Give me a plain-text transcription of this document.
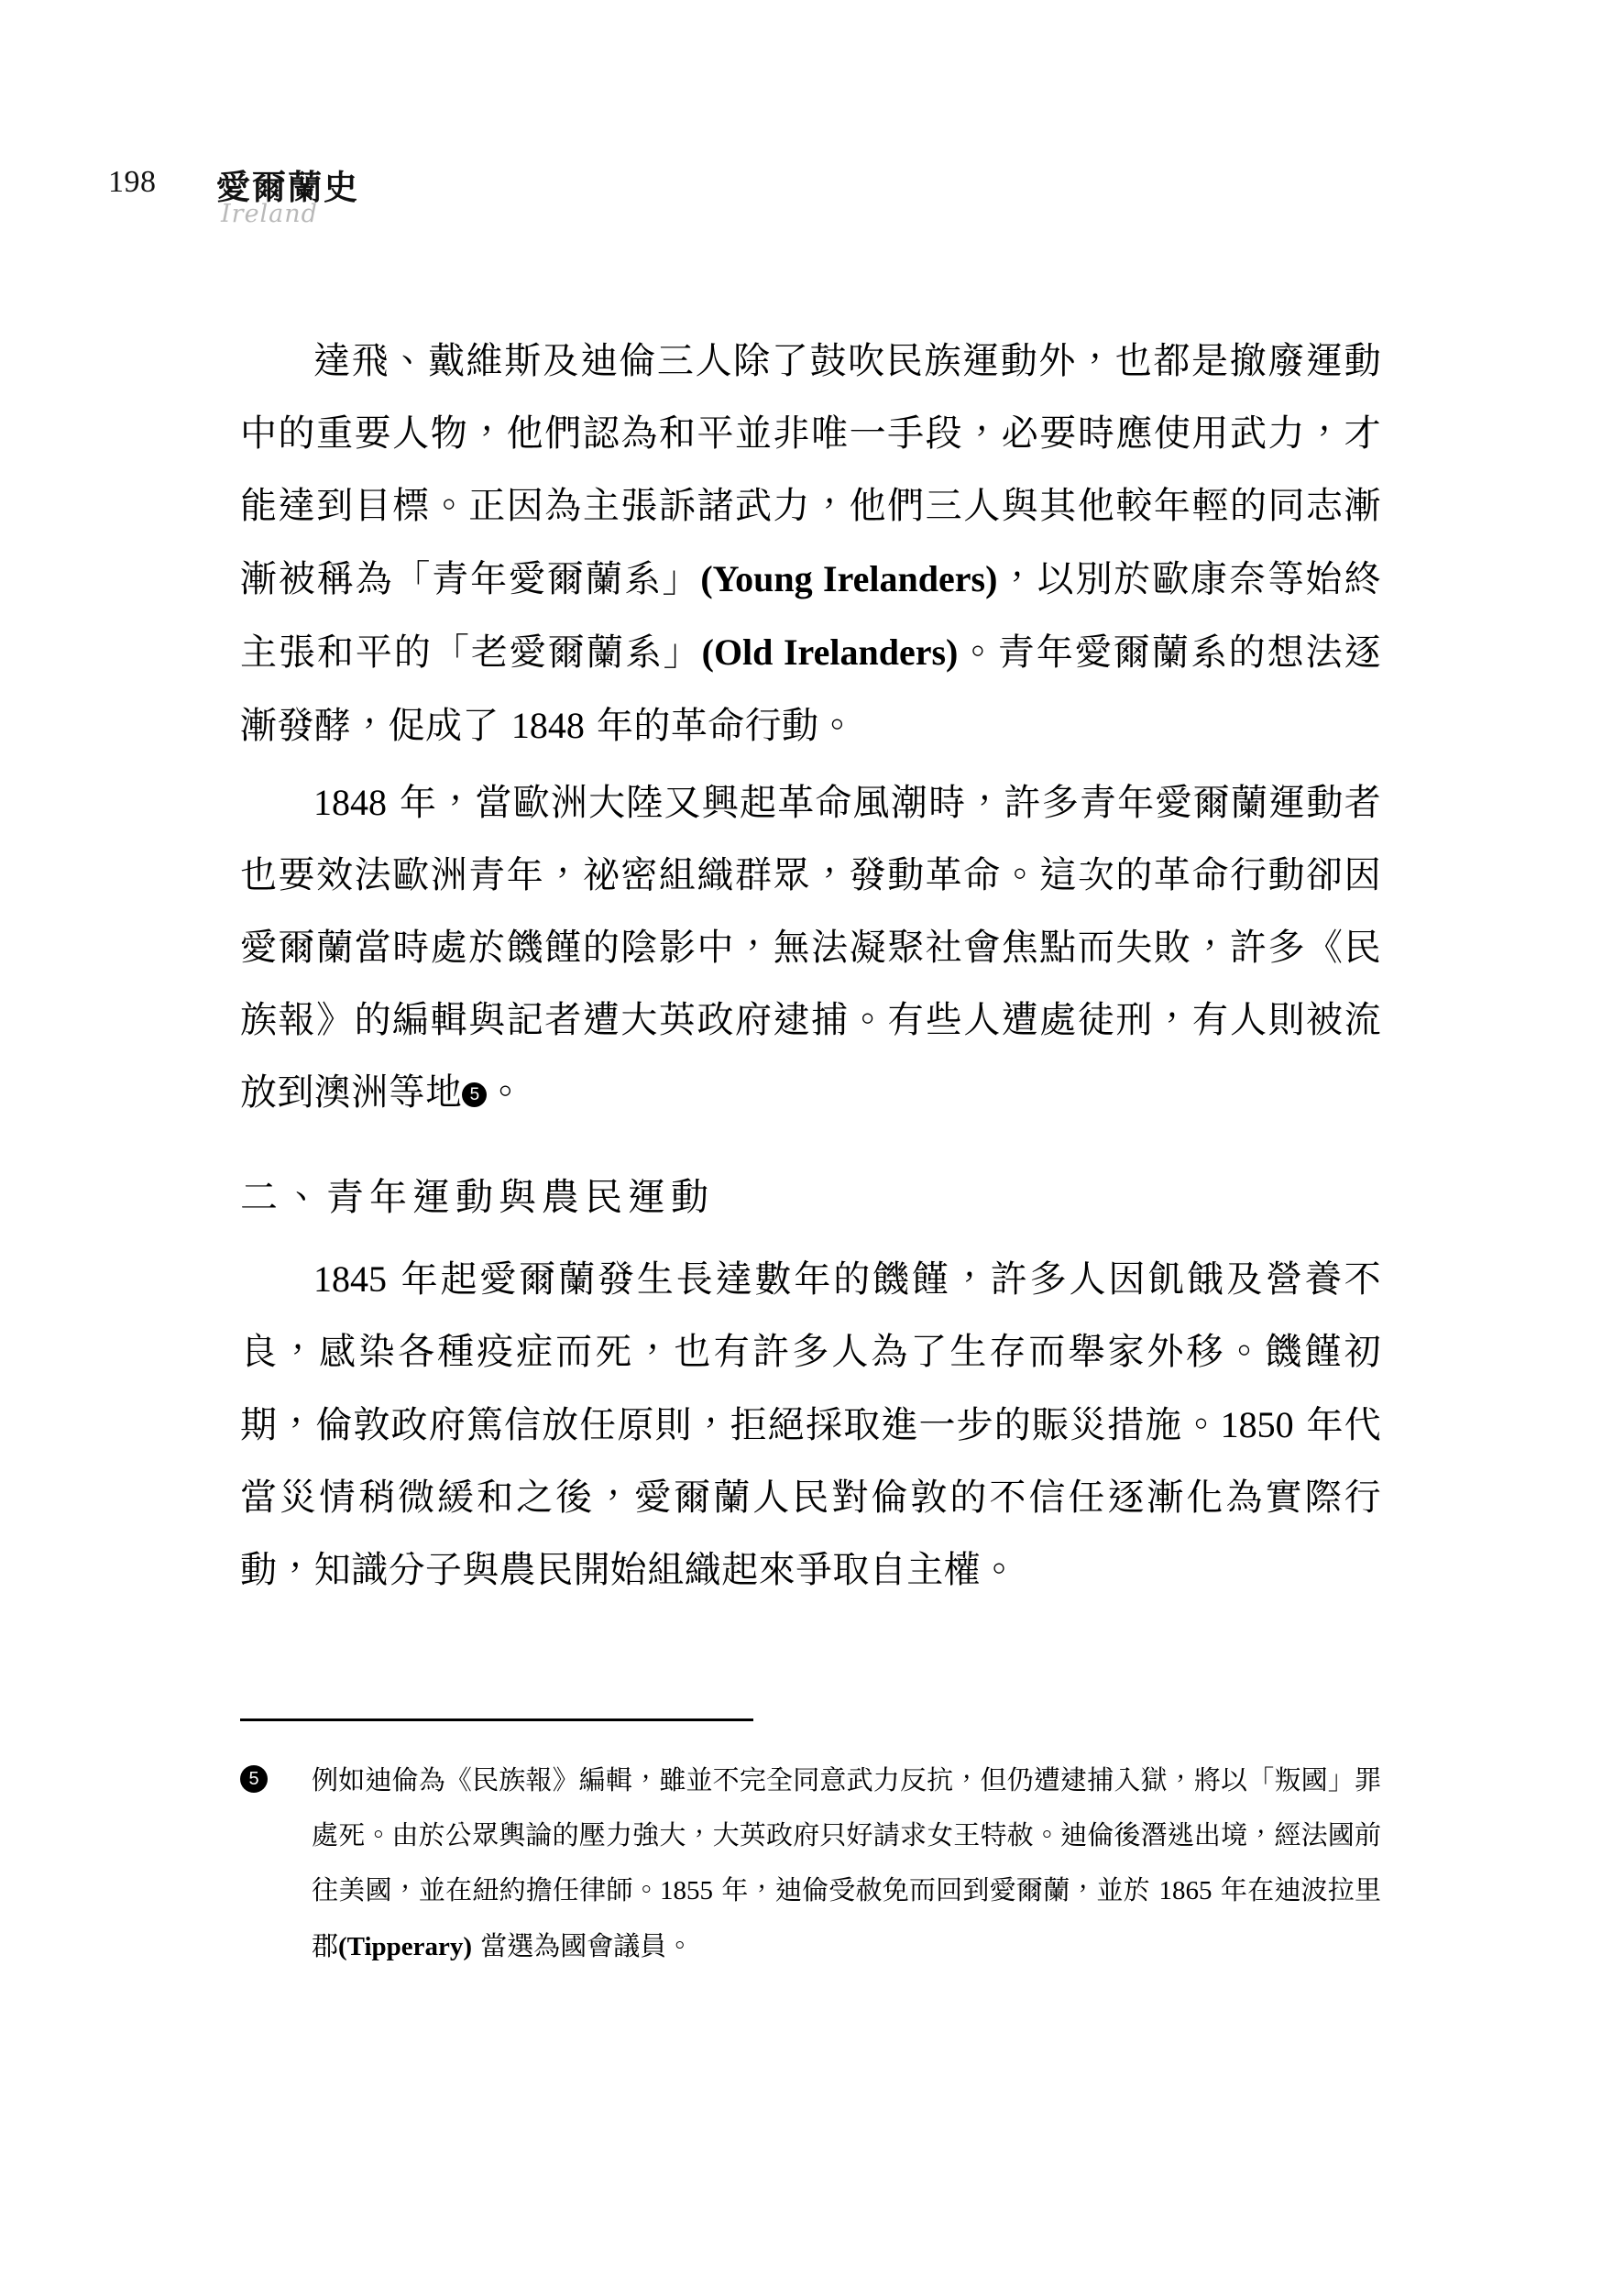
198 愛爾蘭史
Ireland

達飛、戴維斯及迪倫三人除了鼓吹民族運動外，也都是撤廢運動中的重要人物，他們認為和平並非唯一手段，必要時應使用武力，才能達到目標。正因為主張訴諸武力，他們三人與其他較年輕的同志漸漸被稱為「青年愛爾蘭系」(Young Irelanders)，以別於歐康奈等始終主張和平的「老愛爾蘭系」(Old Irelanders)。青年愛爾蘭系的想法逐漸發酵，促成了 1848 年的革命行動。

1848 年，當歐洲大陸又興起革命風潮時，許多青年愛爾蘭運動者也要效法歐洲青年，祕密組織群眾，發動革命。這次的革命行動卻因愛爾蘭當時處於饑饉的陰影中，無法凝聚社會焦點而失敗，許多《民族報》的編輯與記者遭大英政府逮捕。有些人遭處徒刑，有人則被流放到澳洲等地 5 。

二、青年運動與農民運動

1845 年起愛爾蘭發生長達數年的饑饉，許多人因飢餓及營養不良，感染各種疫症而死，也有許多人為了生存而舉家外移。饑饉初期，倫敦政府篤信放任原則，拒絕採取進一步的賑災措施。1850 年代當災情稍微緩和之後，愛爾蘭人民對倫敦的不信任逐漸化為實際行動，知識分子與農民開始組織起來爭取自主權。

5	例如迪倫為《民族報》編輯，雖並不完全同意武力反抗，但仍遭逮捕入獄，將以「叛國」罪處死。由於公眾輿論的壓力強大，大英政府只好請求女王特赦。迪倫後潛逃出境，經法國前往美國，並在紐約擔任律師。1855 年，迪倫受赦免而回到愛爾蘭，並於 1865 年在迪波拉里郡(Tipperary) 當選為國會議員。
